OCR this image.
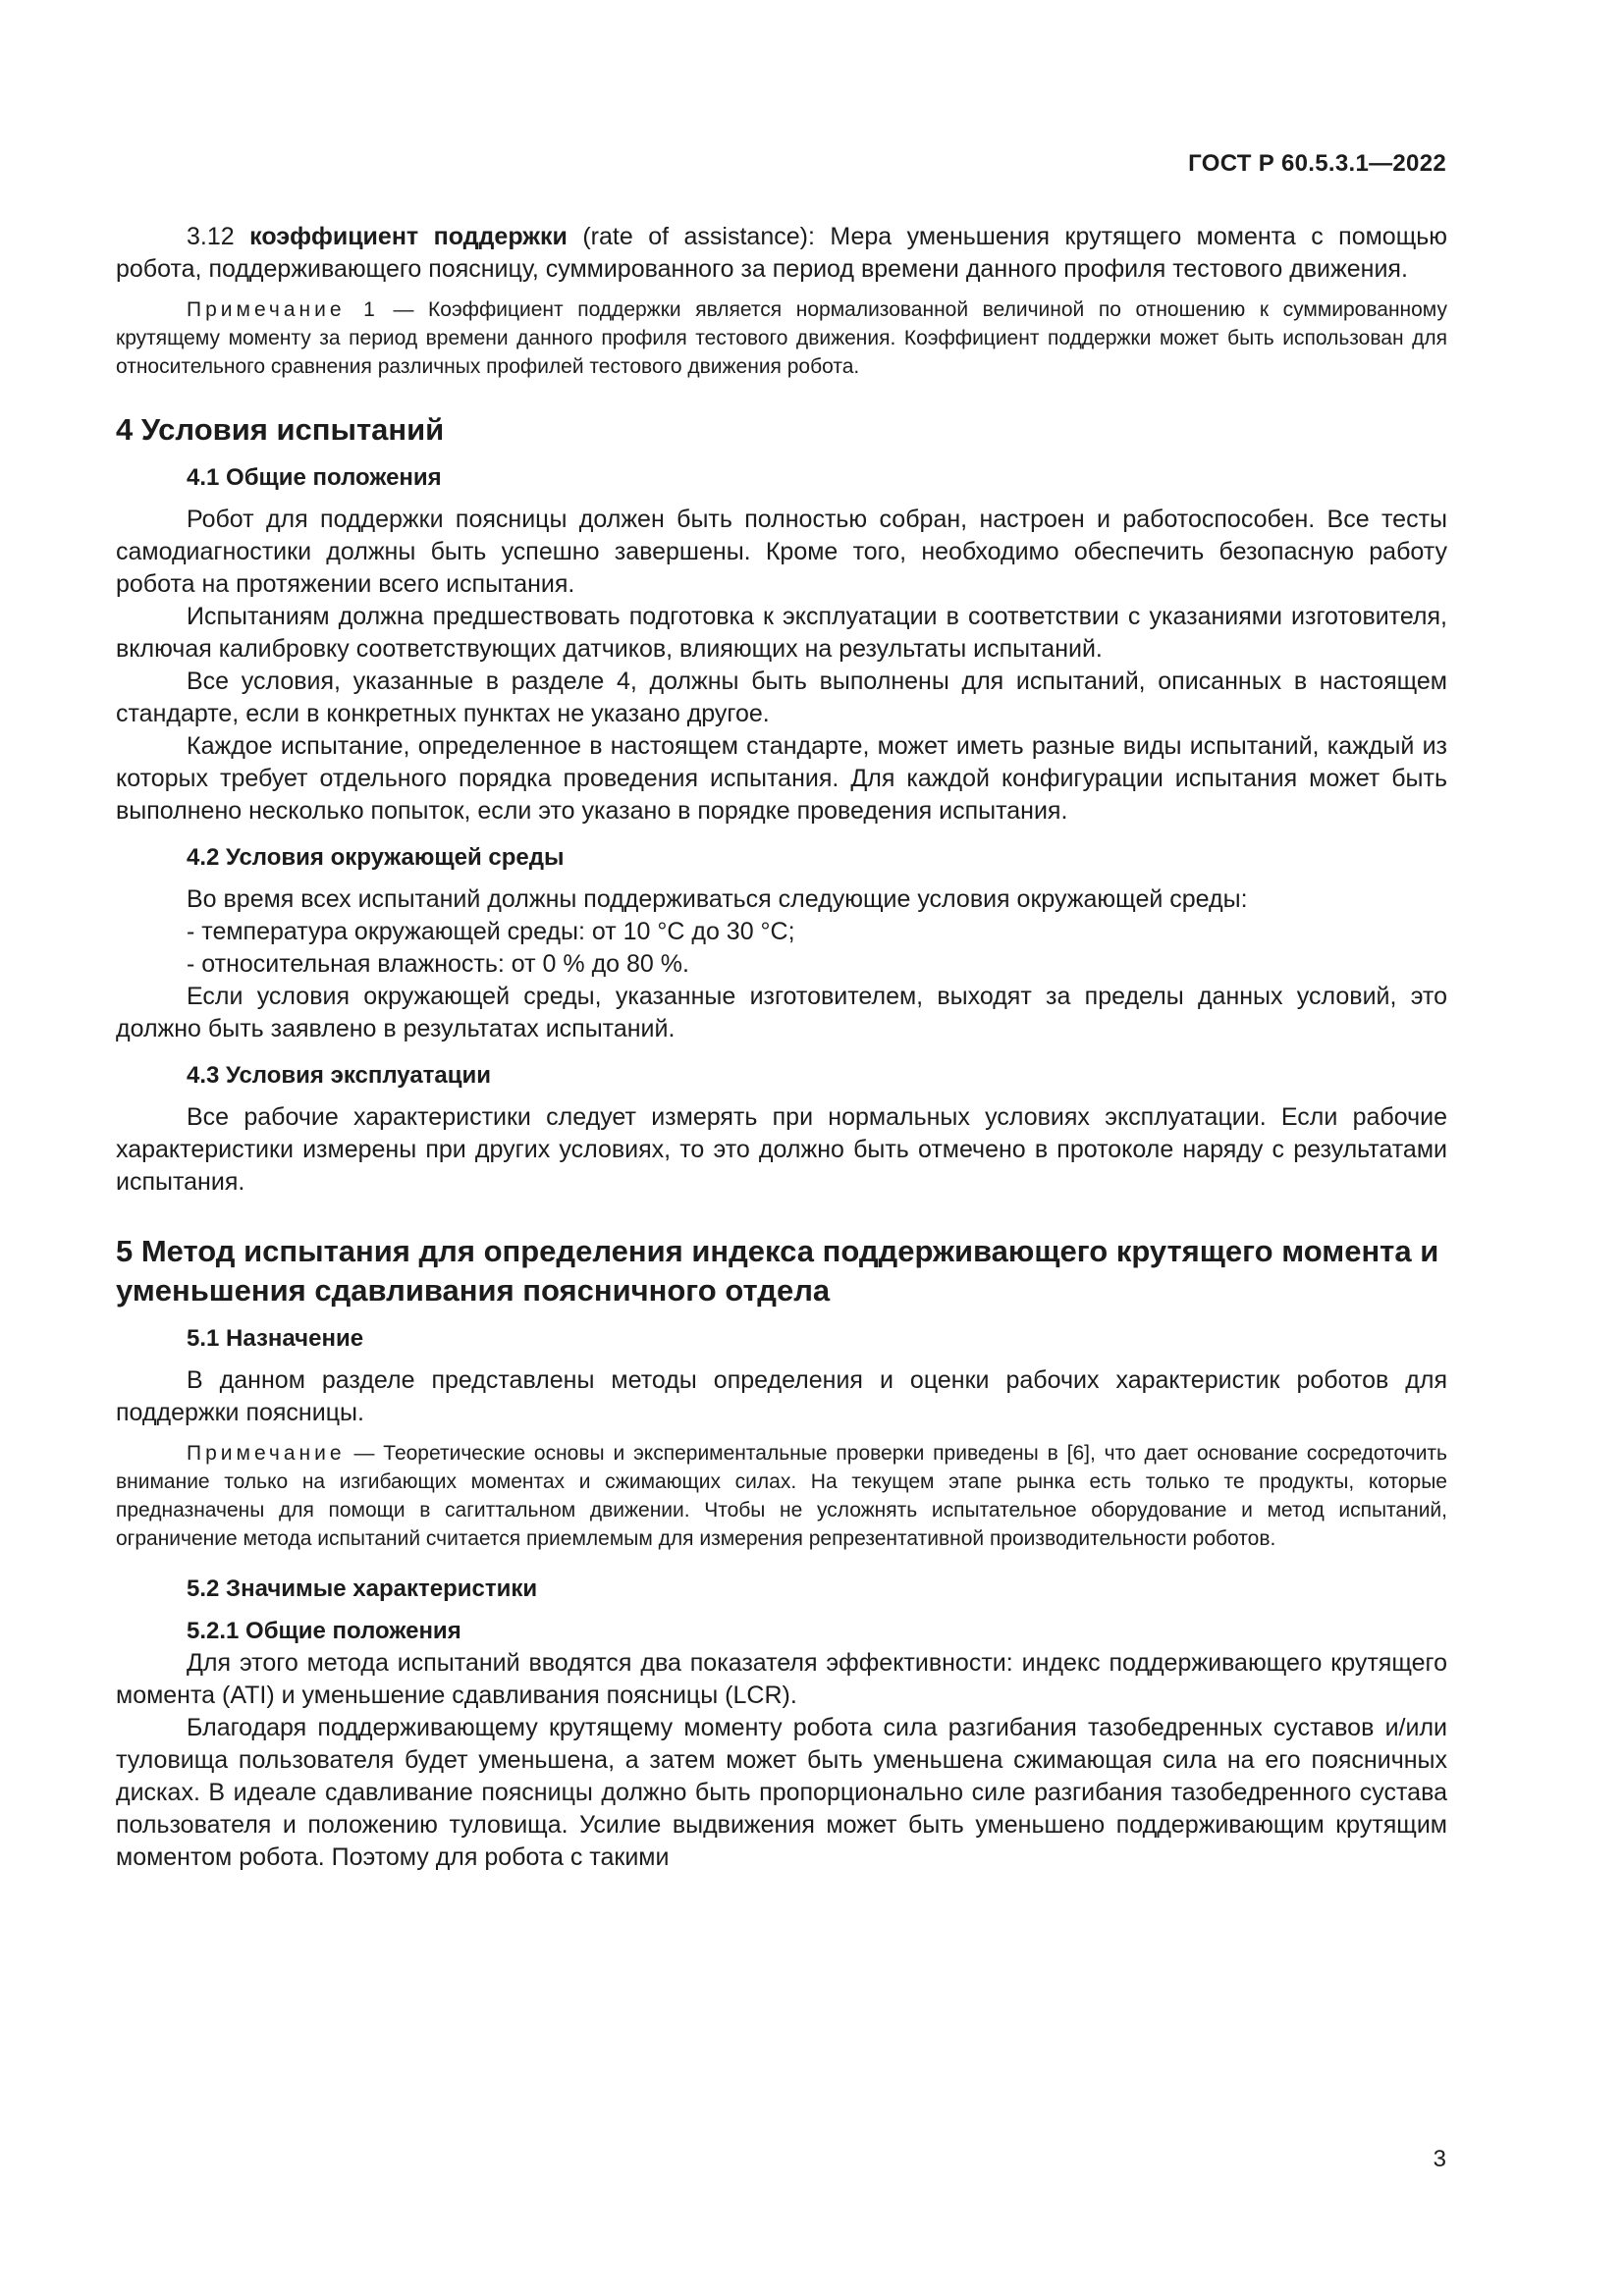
ГОСТ Р 60.5.3.1—2022

3.12 коэффициент поддержки (rate of assistance): Мера уменьшения крутящего момента с помощью робота, поддерживающего поясницу, суммированного за период времени данного профиля тестового движения.

Примечание 1 — Коэффициент поддержки является нормализованной величиной по отношению к суммированному крутящему моменту за период времени данного профиля тестового движения. Коэффициент поддержки может быть использован для относительного сравнения различных профилей тестового движения робота.

4 Условия испытаний
4.1 Общие положения

Робот для поддержки поясницы должен быть полностью собран, настроен и работоспособен. Все тесты самодиагностики должны быть успешно завершены. Кроме того, необходимо обеспечить безопасную работу робота на протяжении всего испытания.

Испытаниям должна предшествовать подготовка к эксплуатации в соответствии с указаниями изготовителя, включая калибровку соответствующих датчиков, влияющих на результаты испытаний.

Все условия, указанные в разделе 4, должны быть выполнены для испытаний, описанных в настоящем стандарте, если в конкретных пунктах не указано другое.

Каждое испытание, определенное в настоящем стандарте, может иметь разные виды испытаний, каждый из которых требует отдельного порядка проведения испытания. Для каждой конфигурации испытания может быть выполнено несколько попыток, если это указано в порядке проведения испытания.

4.2 Условия окружающей среды

Во время всех испытаний должны поддерживаться следующие условия окружающей среды:

- температура окружающей среды: от 10 °C до 30 °C;

- относительная влажность: от 0 % до 80 %.

Если условия окружающей среды, указанные изготовителем, выходят за пределы данных условий, это должно быть заявлено в результатах испытаний.

4.3 Условия эксплуатации

Все рабочие характеристики следует измерять при нормальных условиях эксплуатации. Если рабочие характеристики измерены при других условиях, то это должно быть отмечено в протоколе наряду с результатами испытания.

5 Метод испытания для определения индекса поддерживающего крутящего момента и уменьшения сдавливания поясничного отдела
5.1 Назначение

В данном разделе представлены методы определения и оценки рабочих характеристик роботов для поддержки поясницы.

Примечание — Теоретические основы и экспериментальные проверки приведены в [6], что дает основание сосредоточить внимание только на изгибающих моментах и сжимающих силах. На текущем этапе рынка есть только те продукты, которые предназначены для помощи в сагиттальном движении. Чтобы не усложнять испытательное оборудование и метод испытаний, ограничение метода испытаний считается приемлемым для измерения репрезентативной производительности роботов.

5.2 Значимые характеристики
5.2.1 Общие положения

Для этого метода испытаний вводятся два показателя эффективности: индекс поддерживающего крутящего момента (ATI) и уменьшение сдавливания поясницы (LCR).

Благодаря поддерживающему крутящему моменту робота сила разгибания тазобедренных суставов и/или туловища пользователя будет уменьшена, а затем может быть уменьшена сжимающая сила на его поясничных дисках. В идеале сдавливание поясницы должно быть пропорционально силе разгибания тазобедренного сустава пользователя и положению туловища. Усилие выдвижения может быть уменьшено поддерживающим крутящим моментом робота. Поэтому для робота с такими

3
